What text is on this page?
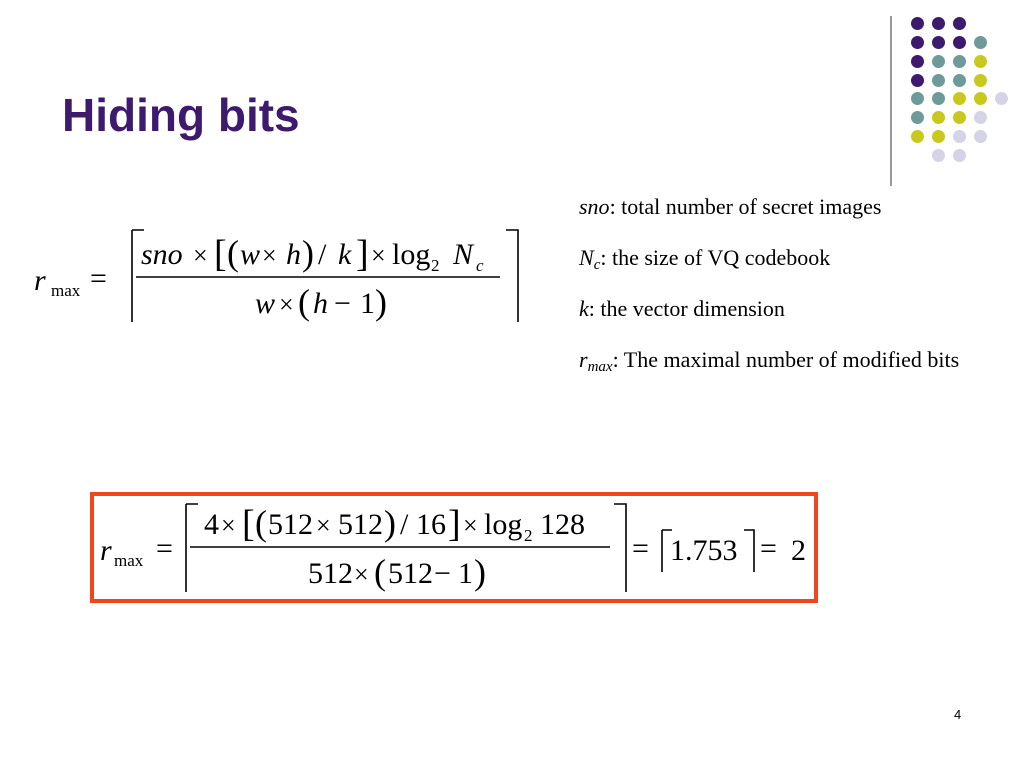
Hiding bits
r max =
sno × [ ( w × h ) / k ] × log 2 N c
w × ( h − 1 )

sno: total number of secret images

$N_c$: the size of VQ codebook

k: the vector dimension

$r_{max}$: The maximal number of modified bits

r max =
4 × [ ( 512 × 512 ) / 16 ] × log 2 128
512 × ( 512 − 1 )
= 1.753 = 2
4
